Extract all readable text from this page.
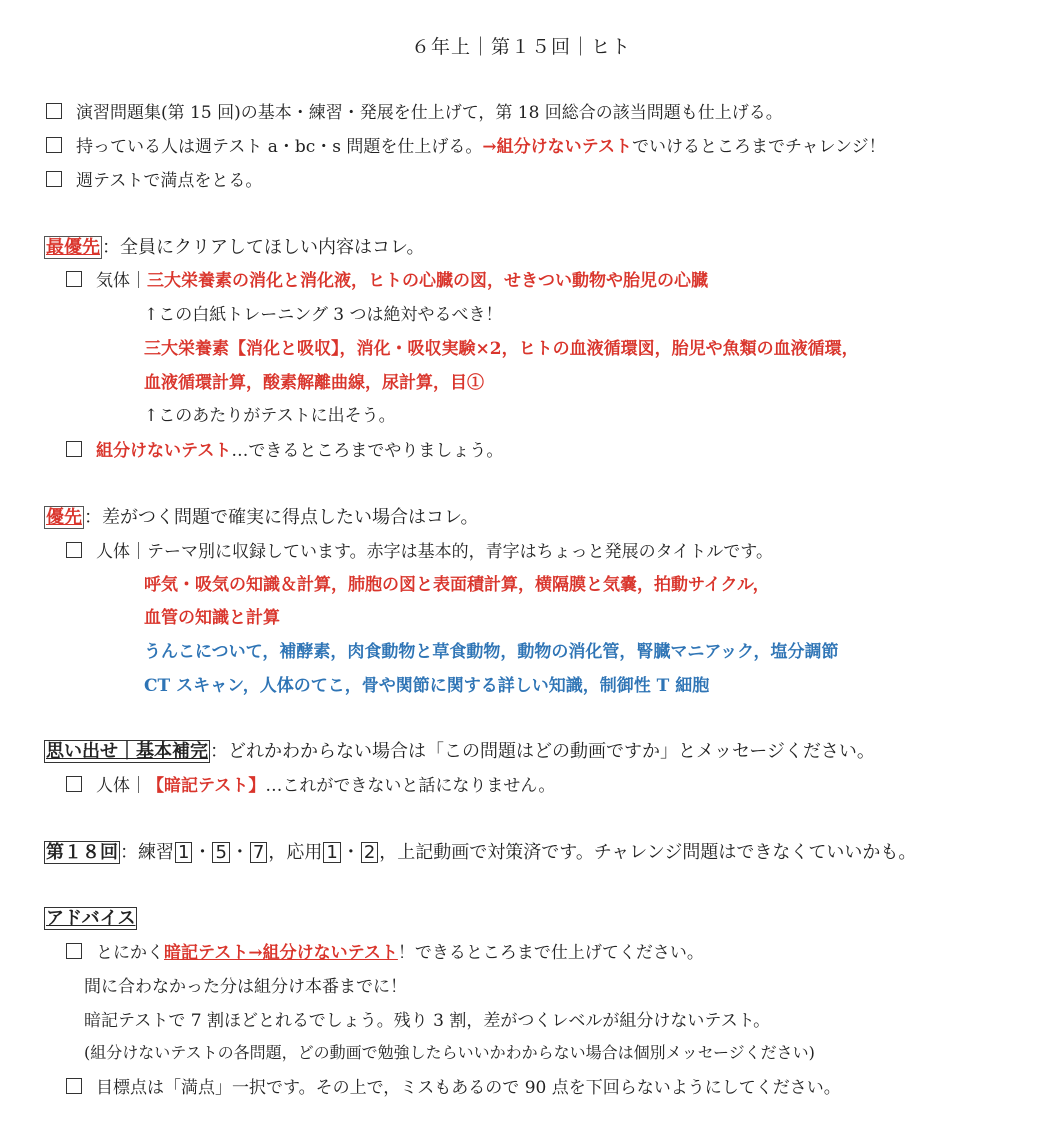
６年上｜第１５回｜ヒト
演習問題集(第 15 回)の基本・練習・発展を仕上げて，第 18 回総合の該当問題も仕上げる。
持っている人は週テスト a・bc・s 問題を仕上げる。→組分けないテストでいけるところまでチャレンジ！
週テストで満点をとる。
最優先 ：全員にクリアしてほしい内容はコレ。
気体｜三大栄養素の消化と消化液，ヒトの心臓の図，せきつい動物や胎児の心臓
↑この白紙トレーニング 3 つは絶対やるべき！
三大栄養素【消化と吸収】，消化・吸収実験×2，ヒトの血液循環図，胎児や魚類の血液循環，
血液循環計算，酸素解離曲線，尿計算，目①
↑このあたりがテストに出そう。
組分けないテスト…できるところまでやりましょう。
優先 ：差がつく問題で確実に得点したい場合はコレ。
人体｜テーマ別に収録しています。赤字は基本的，青字はちょっと発展のタイトルです。
呼気・吸気の知識＆計算，肺胞の図と表面積計算，横隔膜と気嚢，拍動サイクル，
血管の知識と計算
うんこについて，補酵素，肉食動物と草食動物，動物の消化管，腎臓マニアック，塩分調節
CT スキャン，人体のてこ，骨や関節に関する詳しい知識，制御性 T 細胞
思い出せ｜基本補完 ：どれかわからない場合は「この問題はどの動画ですか」とメッセージください。
人体｜【暗記テスト】…これができないと話になりません。
第１８回 ：練習 1 ・ 5 ・ 7 ，応用 1 ・ 2 ，上記動画で対策済です。チャレンジ問題はできなくていいかも。
アドバイス
とにかく暗記テスト→組分けないテスト！できるところまで仕上げてください。
間に合わなかった分は組分け本番までに！
暗記テストで 7 割ほどとれるでしょう。残り 3 割，差がつくレベルが組分けないテスト。
(組分けないテストの各問題，どの動画で勉強したらいいかわからない場合は個別メッセージください)
目標点は「満点」一択です。その上で，ミスもあるので 90 点を下回らないようにしてください。
